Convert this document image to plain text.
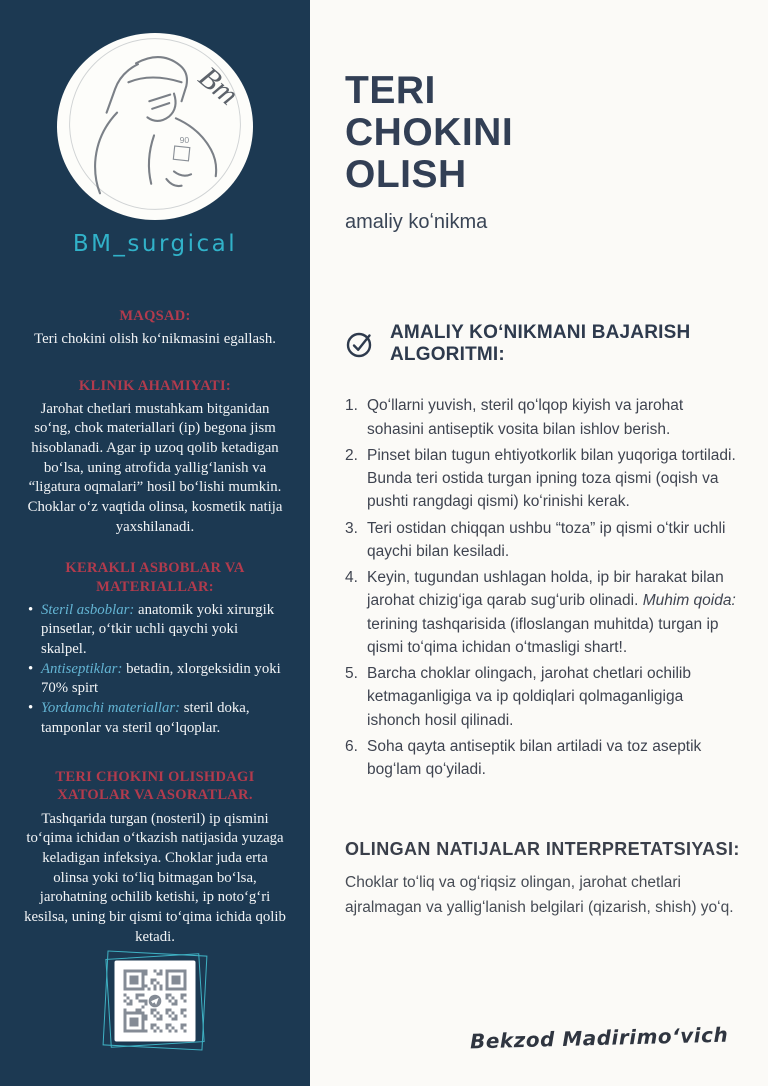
Bm
90
BM_surgical
MAQSAD:

Teri chokini olish koʻnikmasini egallash.

KLINIK AHAMIYATI:

Jarohat chetlari mustahkam bitganidan soʻng, chok materiallari (ip) begona jism hisoblanadi. Agar ip uzoq qolib ketadigan boʻlsa, uning atrofida yalligʻlanish va “ligatura oqmalari” hosil boʻlishi mumkin. Choklar oʻz vaqtida olinsa, kosmetik natija yaxshilanadi.

KERAKLI ASBOBLAR VA MATERIALLAR:
• Steril asboblar: anatomik yoki xirurgik pinsetlar, oʻtkir uchli qaychi yoki skalpel.
• Antiseptiklar: betadin, xlorgeksidin yoki 70% spirt
• Yordamchi materiallar: steril doka, tamponlar va steril qoʻlqoplar.
TERI CHOKINI OLISHDAGI XATOLAR VA ASORATLAR.

Tashqarida turgan (nosteril) ip qismini toʻqima ichidan oʻtkazish natijasida yuzaga keladigan infeksiya. Choklar juda erta olinsa yoki toʻliq bitmagan boʻlsa, jarohatning ochilib ketishi, ip notoʻgʻri kesilsa, uning bir qismi toʻqima ichida qolib ketadi.

TERI
CHOKINI
OLISH
amaliy koʻnikma
AMALIY KOʻNIKMANI BAJARISH ALGORITMI:
1. Qoʻllarni yuvish, steril qoʻlqop kiyish va jarohat sohasini antiseptik vosita bilan ishlov berish.
2. Pinset bilan tugun ehtiyotkorlik bilan yuqoriga tortiladi. Bunda teri ostida turgan ipning toza qismi (oqish va pushti rangdagi qismi) koʻrinishi kerak.
3. Teri ostidan chiqqan ushbu “toza” ip qismi oʻtkir uchli qaychi bilan kesiladi.
4. Keyin, tugundan ushlagan holda, ip bir harakat bilan jarohat chizigʻiga qarab sugʻurib olinadi. Muhim qoida: terining tashqarisida (ifloslangan muhitda) turgan ip qismi toʻqima ichidan oʻtmasligi shart!.
5. Barcha choklar olingach, jarohat chetlari ochilib ketmaganligiga va ip qoldiqlari qolmaganligiga ishonch hosil qilinadi.
6. Soha qayta antiseptik bilan artiladi va toz aseptik bogʻlam qoʻyiladi.
OLINGAN NATIJALAR INTERPRETATSIYASI:

Choklar toʻliq va ogʻriqsiz olingan, jarohat chetlari ajralmagan va yalligʻlanish belgilari (qizarish, shish) yoʻq.

Bekzod Madirimoʻvich
